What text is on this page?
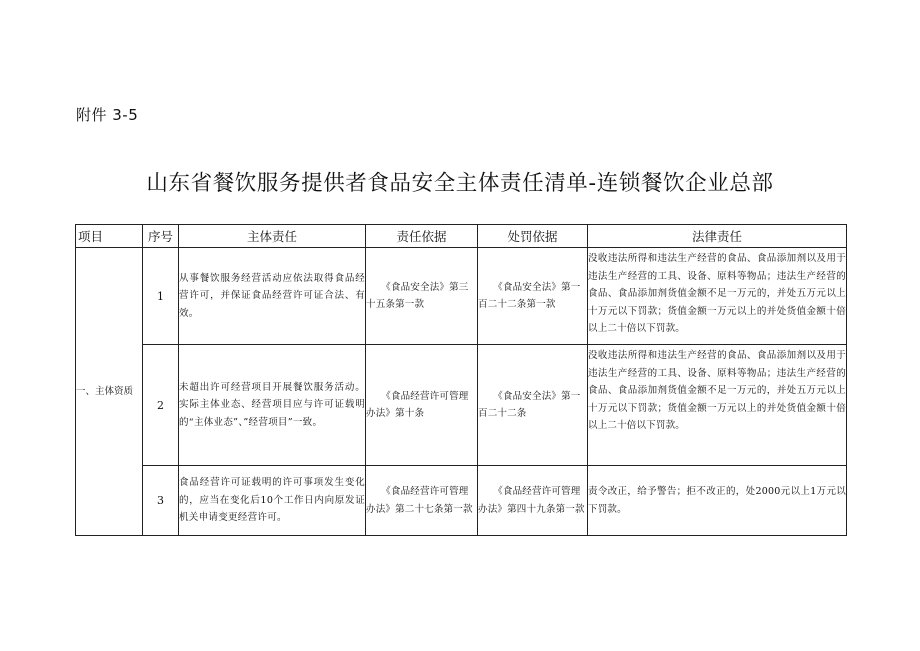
附件 3-5
山东省餐饮服务提供者食品安全主体责任清单-连锁餐饮企业总部
项目	序号	主体责任	责任依据	处罚依据	法律责任
一、主体资质	1	从事餐饮服务经营活动应依法取得食品经营许可，并保证食品经营许可证合法、有效。	《食品安全法》第三十五条第一款	《食品安全法》第一百二十二条第一款	没收违法所得和违法生产经营的食品、食品添加剂以及用于违法生产经营的工具、设备、原料等物品；违法生产经营的食品、食品添加剂货值金额不足一万元的，并处五万元以上十万元以下罚款；货值金额一万元以上的并处货值金额十倍以上二十倍以下罚款。
	2	未超出许可经营项目开展餐饮服务活动。实际主体业态、经营项目应与许可证载明的“主体业态”、”经营项目”一致。	《食品经营许可管理办法》第十条	《食品安全法》第一百二十二条	没收违法所得和违法生产经营的食品、食品添加剂以及用于违法生产经营的工具、设备、原料等物品；违法生产经营的食品、食品添加剂货值金额不足一万元的，并处五万元以上十万元以下罚款；货值金额一万元以上的并处货值金额十倍以上二十倍以下罚款。
	3	食品经营许可证载明的许可事项发生变化的，应当在变化后10个工作日内向原发证机关申请变更经营许可。	《食品经营许可管理办法》第二十七条第一款	《食品经营许可管理办法》第四十九条第一款	责令改正，给予警告；拒不改正的，处2000元以上1万元以下罚款。
